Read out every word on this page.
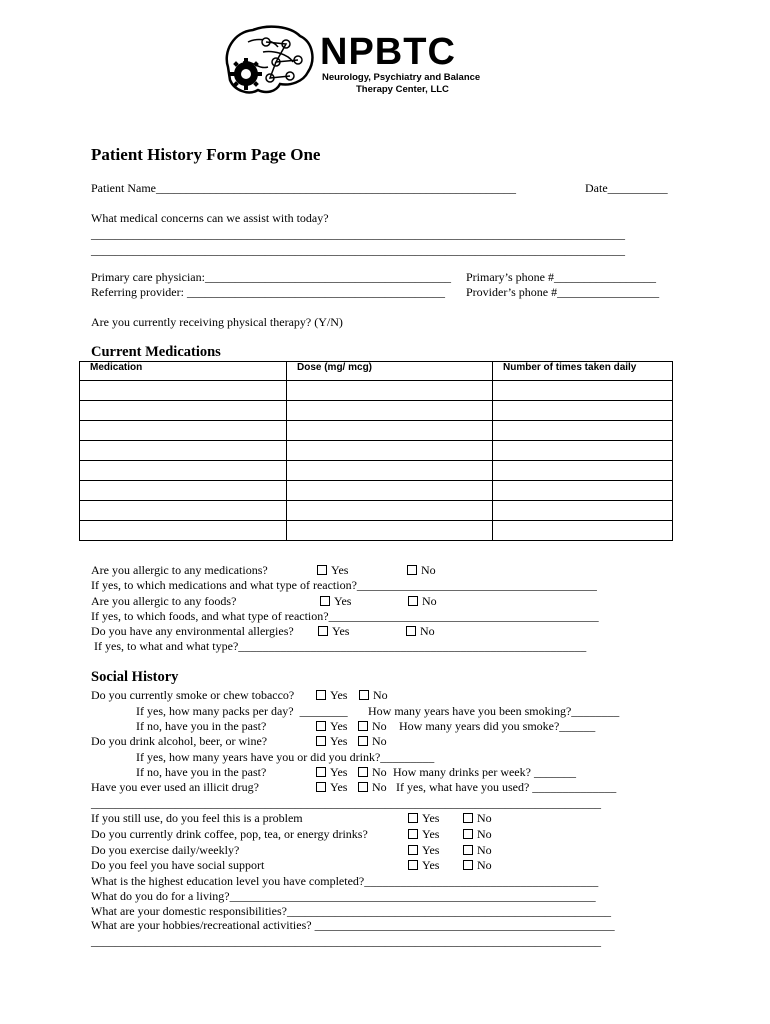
NPBTC
Neurology, Psychiatry and Balance
Therapy Center, LLC
Patient History Form Page One
Patient Name____________________________________________________________	Date__________
What medical concerns can we assist with today?
_________________________________________________________________________________________
_________________________________________________________________________________________
Primary care physician:_________________________________________ Primary’s phone #_________________
Referring provider: ___________________________________________ Provider’s phone #_________________
Are you currently receiving physical therapy? (Y/N)
Current Medications
Medication	Dose (mg/ mcg)	Number of times taken daily

Are you allergic to any medications?	Yes	No
If yes, to which medications and what type of reaction?________________________________________
Are you allergic to any foods?	Yes	No
If yes, to which foods, and what type of reaction?_____________________________________________
Do you have any environmental allergies?	Yes	No
If yes, to what and what type?__________________________________________________________
Social History
Do you currently smoke or chew tobacco?	Yes	No
If yes, how many packs per day?  ________ How many years have you been smoking?________
If no, have you in the past?	Yes	No How many years did you smoke?______
Do you drink alcohol, beer, or wine?	Yes	No
If yes, how many years have you or did you drink?_________
If no, have you in the past?	Yes	No How many drinks per week? _______
Have you ever used an illicit drug?	Yes	No If yes, what have you used? ______________
_____________________________________________________________________________________
If you still use, do you feel this is a problem	Yes	No
Do you currently drink coffee, pop, tea, or energy drinks?	Yes	No
Do you exercise daily/weekly?	Yes	No
Do you feel you have social support	Yes	No
What is the highest education level you have completed?_______________________________________
What do you do for a living?_____________________________________________________________
What are your domestic responsibilities?______________________________________________________
What are your hobbies/recreational activities? __________________________________________________
_____________________________________________________________________________________
